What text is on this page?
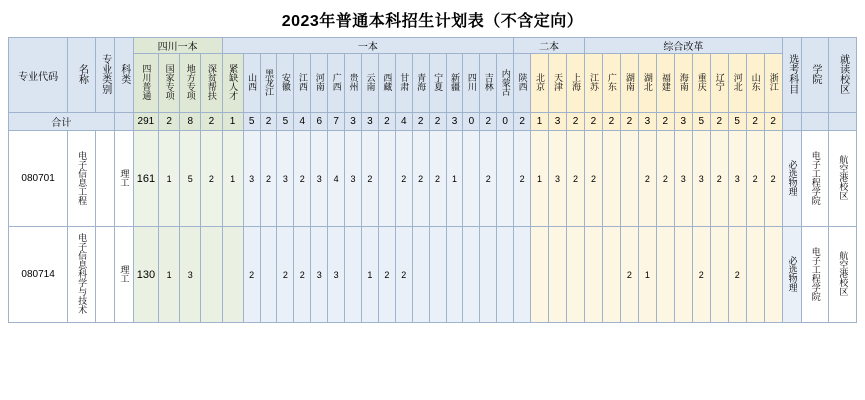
2023年普通本科招生计划表（不含定向）
专业代码	名称	专业类别	科类	四川一本				一本																	二本				综合改革											选考科目	学院	就读校区
				四川普通	国家专项	地方专项	深贫帮扶	紧缺人才	山西	黑龙江	安徽	江西	河南	广西	贵州	云南	西藏	甘肃	青海	宁夏	新疆	四川	吉林	内蒙古	陕西	北京	天津	上海	江苏	广东	湖南	湖北	福建	海南	重庆	辽宁	河北	山东	浙江			
合计				291	2	8	2	1	5	2	5	4	6	7	3	3	2	4	2	2	3	0	2	0	2	1	3	2	2	2	2	3	2	3	5	2	5	2	2			
080701	电子信息工程		理工	161	1	5	2	1	3	2	3	2	3	4	3	2		2	2	2	1		2		2	1	3	2	2			2	2	3	3	2	3	2	2	必选物理	电子工程学院	航空港校区
080714	电子信息科学与技术		理工	130	1	3			2		2	2	3	3		1	2	2													2	1			2		2			必选物理	电子工程学院	航空港校区
